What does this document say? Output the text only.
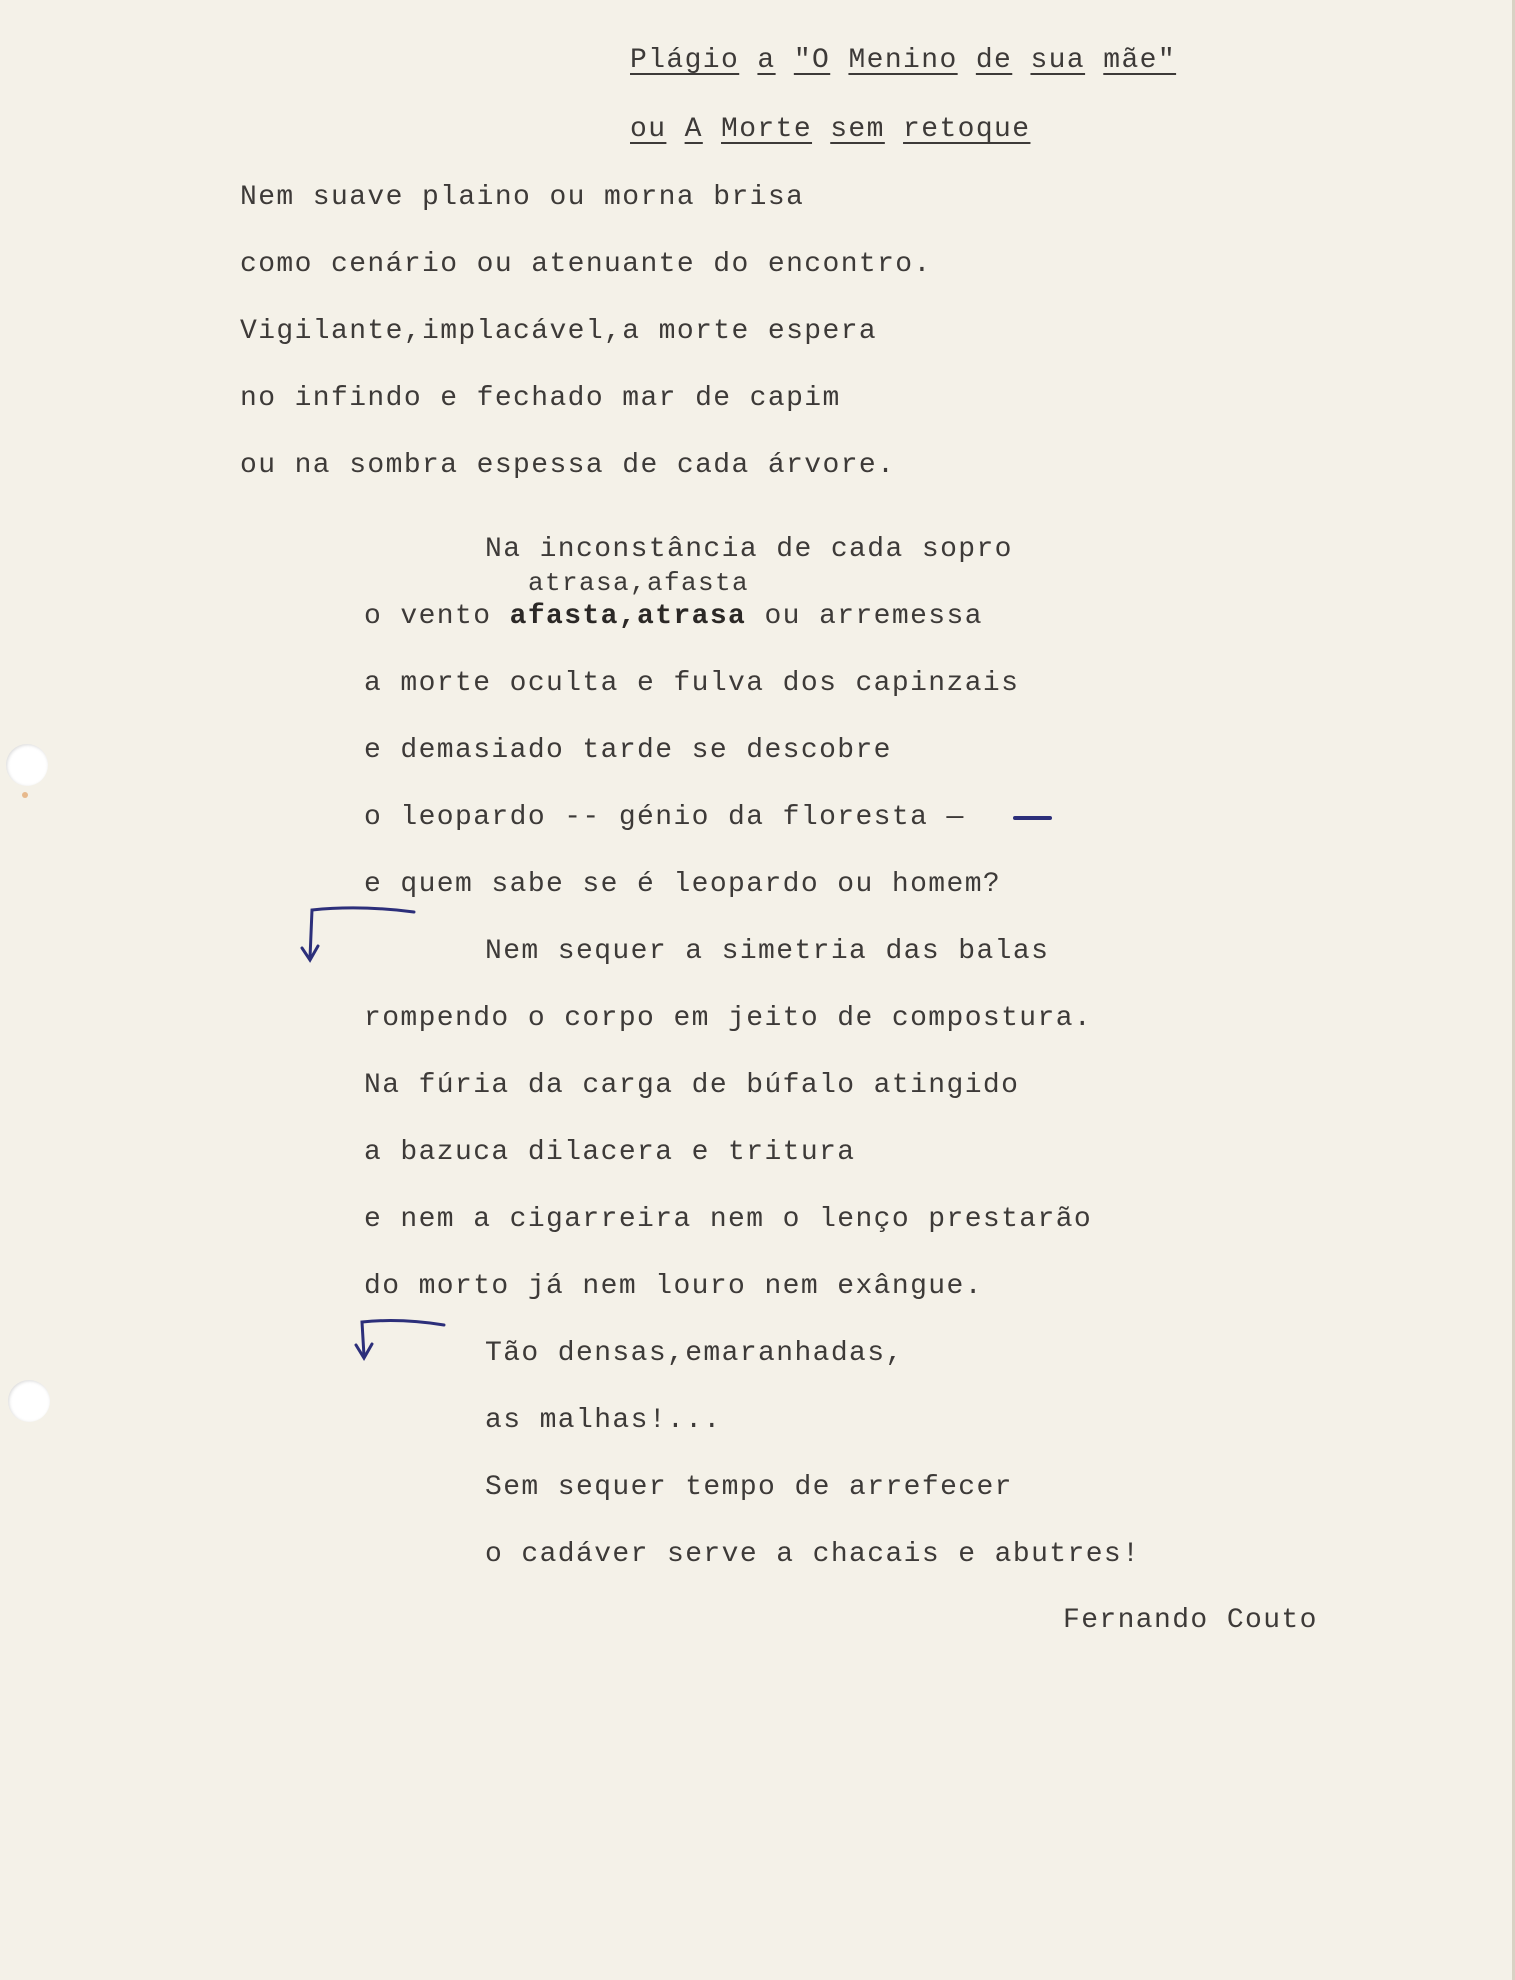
Plágio a "O Menino de sua mãe"
ou A Morte sem retoque
Nem suave plaino ou morna brisa
como cenário ou atenuante do encontro.
Vigilante,implacável,a morte espera
no infindo e fechado mar de capim
ou na sombra espessa de cada árvore.
Na inconstância de cada sopro
atrasa,afasta
o vento afasta,atrasa ou arremessa
a morte oculta e fulva dos capinzais
e demasiado tarde se descobre
o leopardo -- génio da floresta —
e quem sabe se é leopardo ou homem?
Nem sequer a simetria das balas
rompendo o corpo em jeito de compostura.
Na fúria da carga de búfalo atingido
a bazuca dilacera e tritura
e nem a cigarreira nem o lenço prestarão
do morto já nem louro nem exângue.
Tão densas,emaranhadas,
as malhas!...
Sem sequer tempo de arrefecer
o cadáver serve a chacais e abutres!
Fernando Couto
